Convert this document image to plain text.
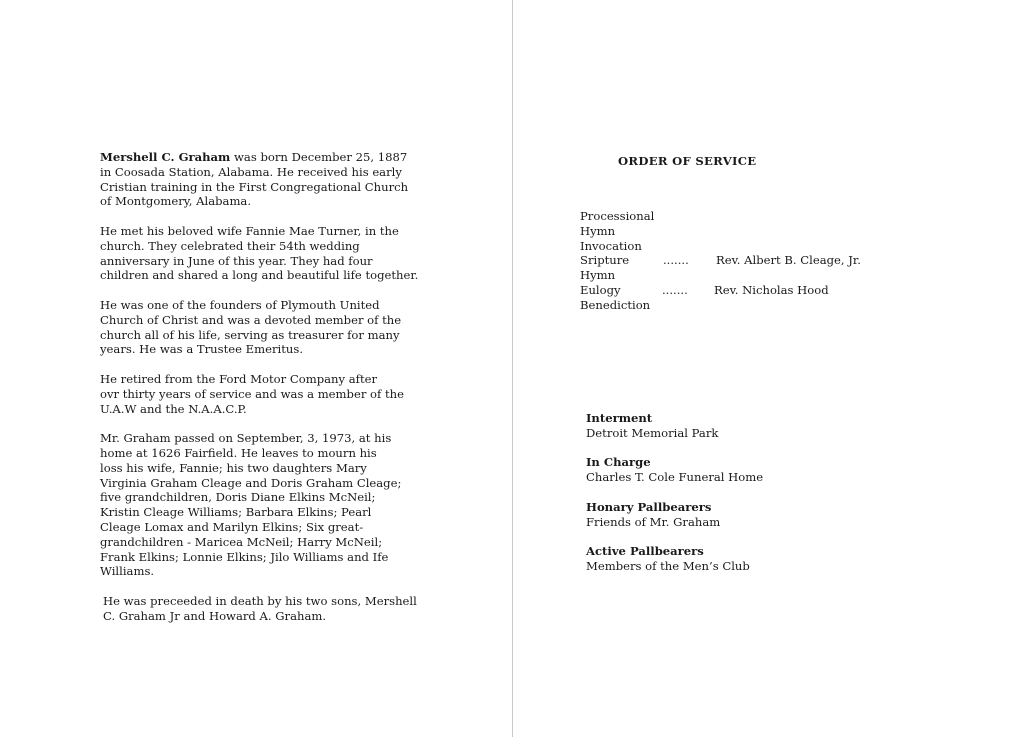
Mershell C. Graham was born December 25, 1887
in Coosada Station, Alabama. He received his early
Cristian training in the First Congregational Church
of Montgomery, Alabama.

He met his beloved wife Fannie Mae Turner, in the
church. They celebrated their 54th wedding
anniversary in June of this year. They had four
children and shared a long and beautiful life together.

He was one of the founders of Plymouth United
Church of Christ and was a devoted member of the
church all of his life, serving as treasurer for many
years. He was a Trustee Emeritus.

He retired from the Ford Motor Company after
ovr thirty years of service and was a member of the
U.A.W and the N.A.A.C.P.

Mr. Graham passed on September, 3, 1973, at his
home at 1626 Fairfield. He leaves to mourn his
loss his wife, Fannie; his two daughters Mary
Virginia Graham Cleage and Doris Graham Cleage;
five grandchildren, Doris Diane Elkins McNeil;
Kristin Cleage Williams; Barbara Elkins; Pearl
Cleage Lomax and Marilyn Elkins; Six great-
grandchildren - Maricea McNeil; Harry McNeil;
Frank Elkins; Lonnie Elkins; Jilo Williams and Ife
Williams.

He was preceeded in death by his two sons, Mershell
C. Graham Jr and Howard A. Graham.

ORDER OF SERVICE
Processional
Hymn
Invocation
Sripture	....... Rev. Albert B. Cleage, Jr.
Hymn
Eulogy	....... Rev. Nicholas Hood
Benediction
Interment
Detroit Memorial Park
In Charge
Charles T. Cole Funeral Home
Honary Pallbearers
Friends of Mr. Graham
Active Pallbearers
Members of the Men’s Club
